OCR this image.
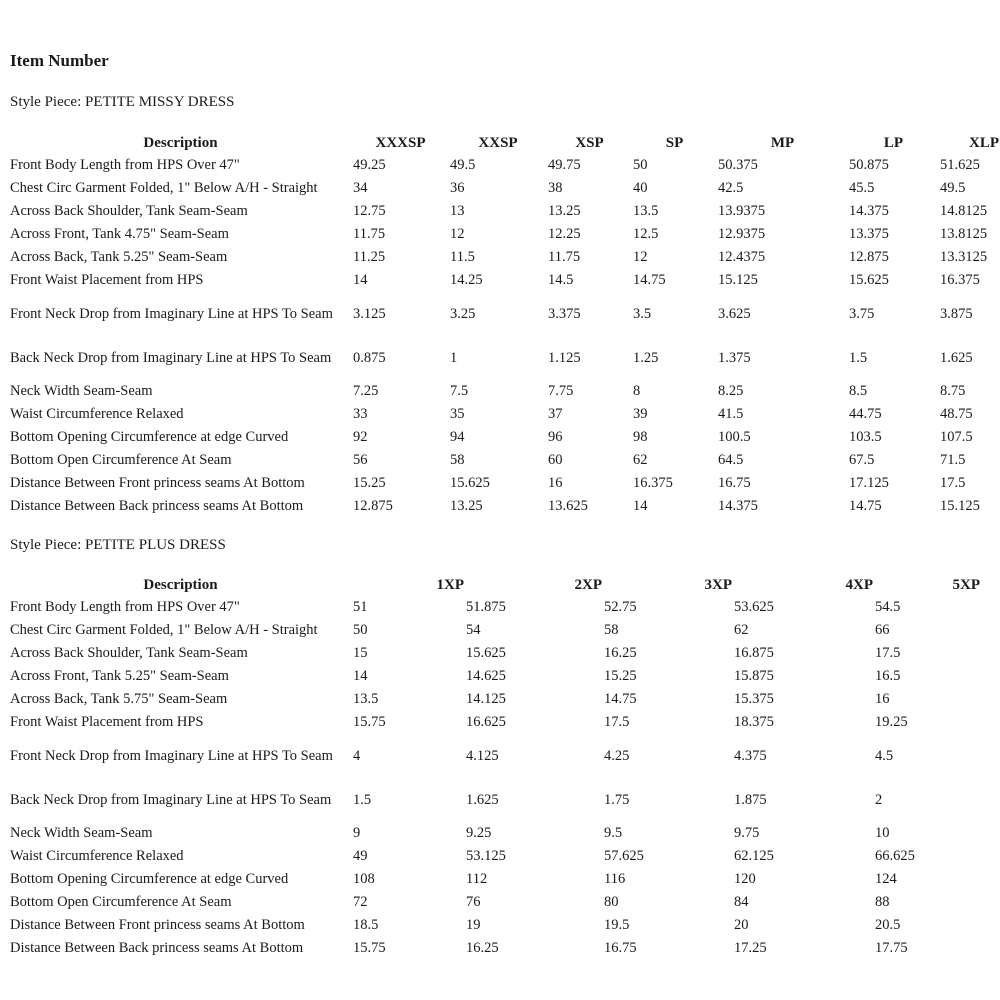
Item Number
Style Piece: PETITE MISSY DRESS
Description	XXXSP	XXSP	XSP	SP	MP	LP	XLP
Front Body Length from HPS Over 47"	49.25	49.5	49.75	50	50.375	50.875	51.625
Chest Circ Garment Folded, 1" Below A/H - Straight	34	36	38	40	42.5	45.5	49.5
Across Back Shoulder, Tank Seam-Seam	12.75	13	13.25	13.5	13.9375	14.375	14.8125
Across Front, Tank 4.75" Seam-Seam	11.75	12	12.25	12.5	12.9375	13.375	13.8125
Across Back, Tank 5.25" Seam-Seam	11.25	11.5	11.75	12	12.4375	12.875	13.3125
Front Waist Placement from HPS	14	14.25	14.5	14.75	15.125	15.625	16.375
Front Neck Drop from Imaginary Line at HPS To Seam	3.125	3.25	3.375	3.5	3.625	3.75	3.875
Back Neck Drop from Imaginary Line at HPS To Seam	0.875	1	1.125	1.25	1.375	1.5	1.625
Neck Width Seam-Seam	7.25	7.5	7.75	8	8.25	8.5	8.75
Waist Circumference Relaxed	33	35	37	39	41.5	44.75	48.75
Bottom Opening Circumference at edge Curved	92	94	96	98	100.5	103.5	107.5
Bottom Open Circumference At Seam	56	58	60	62	64.5	67.5	71.5
Distance Between Front princess seams At Bottom	15.25	15.625	16	16.375	16.75	17.125	17.5
Distance Between Back princess seams At Bottom	12.875	13.25	13.625	14	14.375	14.75	15.125
Style Piece: PETITE PLUS DRESS
Description	1XP	2XP	3XP	4XP	5XP
Front Body Length from HPS Over 47"	51	51.875	52.75	53.625	54.5
Chest Circ Garment Folded, 1" Below A/H - Straight	50	54	58	62	66
Across Back Shoulder, Tank Seam-Seam	15	15.625	16.25	16.875	17.5
Across Front, Tank 5.25" Seam-Seam	14	14.625	15.25	15.875	16.5
Across Back, Tank 5.75" Seam-Seam	13.5	14.125	14.75	15.375	16
Front Waist Placement from HPS	15.75	16.625	17.5	18.375	19.25
Front Neck Drop from Imaginary Line at HPS To Seam	4	4.125	4.25	4.375	4.5
Back Neck Drop from Imaginary Line at HPS To Seam	1.5	1.625	1.75	1.875	2
Neck Width Seam-Seam	9	9.25	9.5	9.75	10
Waist Circumference Relaxed	49	53.125	57.625	62.125	66.625
Bottom Opening Circumference at edge Curved	108	112	116	120	124
Bottom Open Circumference At Seam	72	76	80	84	88
Distance Between Front princess seams At Bottom	18.5	19	19.5	20	20.5
Distance Between Back princess seams At Bottom	15.75	16.25	16.75	17.25	17.75
